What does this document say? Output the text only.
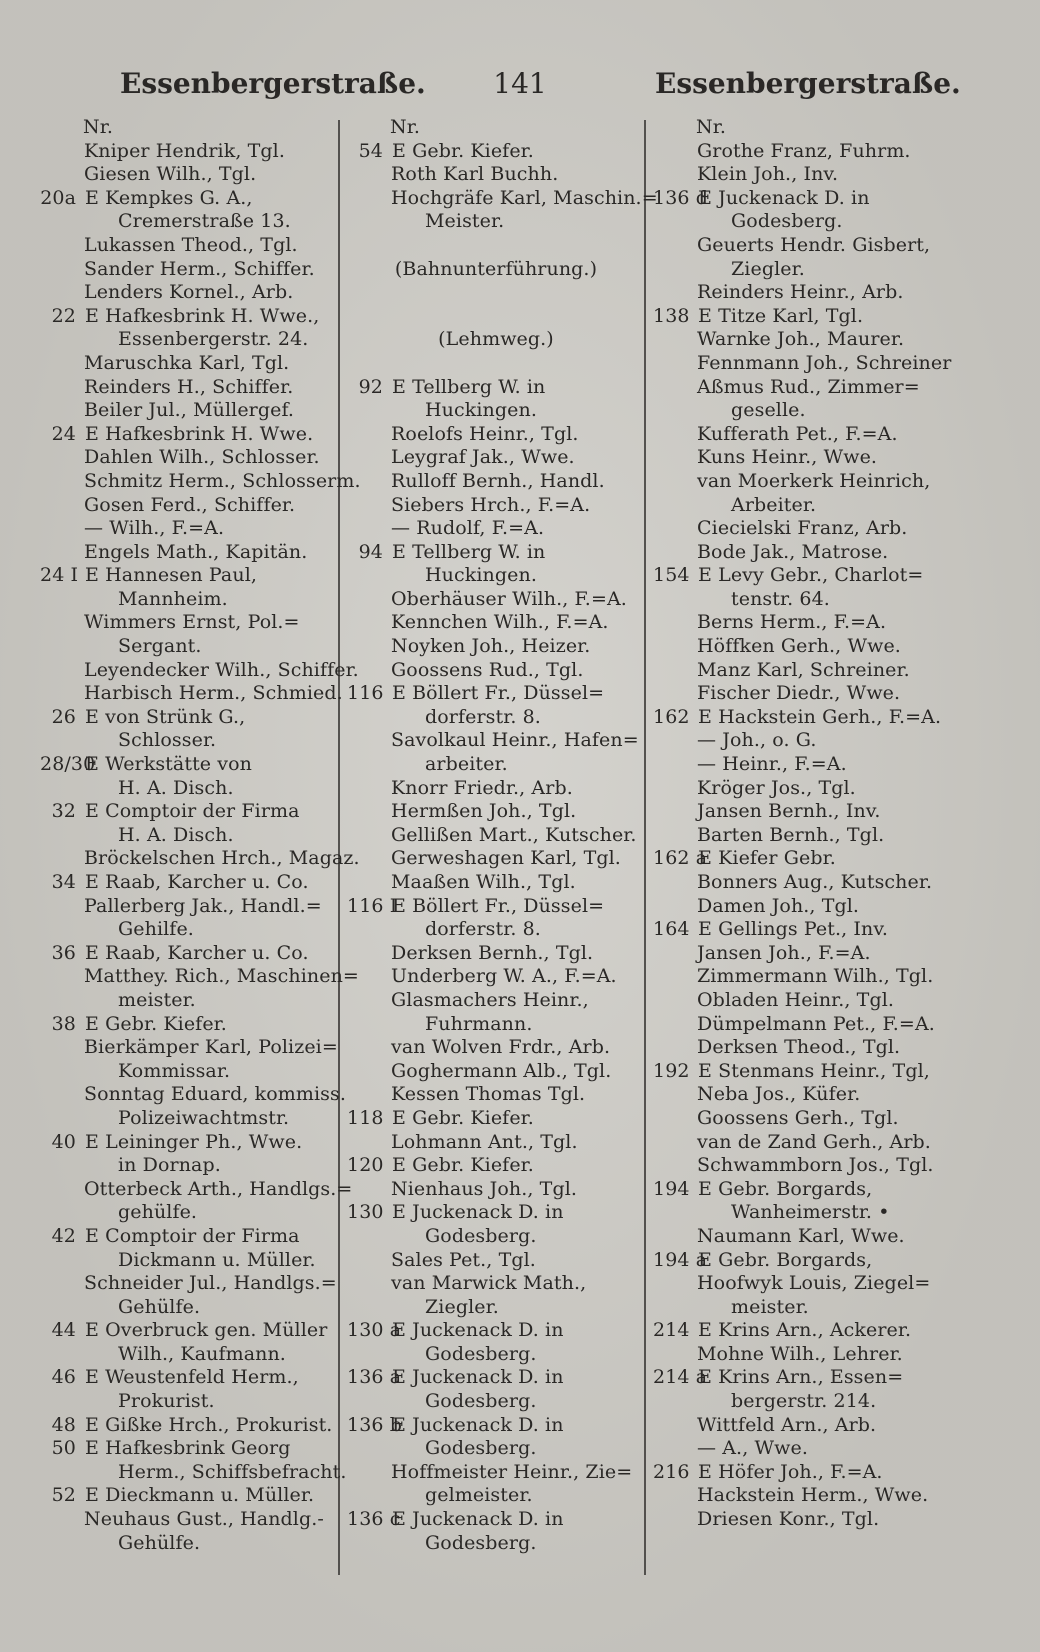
Essenbergerstraße.	141	Essenbergerstraße.
Nr.
Kniper Hendrik, Tgl.
Giesen Wilh., Tgl.
20a E Kempkes G. A.,
Cremerstraße 13.
Lukassen Theod., Tgl.
Sander Herm., Schiffer.
Lenders Kornel., Arb.
22 E Hafkesbrink H. Wwe.,
Essenbergerstr. 24.
Maruschka Karl, Tgl.
Reinders H., Schiffer.
Beiler Jul., Müllergef.
24 E Hafkesbrink H. Wwe.
Dahlen Wilh., Schlosser.
Schmitz Herm., Schlosserm.
Gosen Ferd., Schiffer.
— Wilh., F.=A.
Engels Math., Kapitän.
24 I E Hannesen Paul,
Mannheim.
Wimmers Ernst, Pol.=
Sergant.
Leyendecker Wilh., Schiffer.
Harbisch Herm., Schmied.
26 E von Strünk G.,
Schlosser.
28/30
E Werkstätte von
H. A. Disch.
32 E Comptoir der Firma
H. A. Disch.
Bröckelschen Hrch., Magaz.
34 E Raab, Karcher u. Co.
Pallerberg Jak., Handl.=
Gehilfe.
36 E Raab, Karcher u. Co.
Matthey. Rich., Maschinen=
meister.
38 E Gebr. Kiefer.
Bierkämper Karl, Polizei=
Kommissar.
Sonntag Eduard, kommiss.
Polizeiwachtmstr.
40 E Leininger Ph., Wwe.
in Dornap.
Otterbeck Arth., Handlgs.=
gehülfe.
42 E Comptoir der Firma
Dickmann u. Müller.
Schneider Jul., Handlgs.=
Gehülfe.
44 E Overbruck gen. Müller
Wilh., Kaufmann.
46 E Weustenfeld Herm.,
Prokurist.
48 E Gißke Hrch., Prokurist.
50 E Hafkesbrink Georg
Herm., Schiffsbefracht.
52 E Dieckmann u. Müller.
Neuhaus Gust., Handlg.-
Gehülfe.
Nr.
54 E Gebr. Kiefer.
Roth Karl Buchh.
Hochgräfe Karl, Maschin.=
Meister.
(Bahnunterführung.)
(Lehmweg.)
92 E Tellberg W. in
Huckingen.
Roelofs Heinr., Tgl.
Leygraf Jak., Wwe.
Rulloff Bernh., Handl.
Siebers Hrch., F.=A.
— Rudolf, F.=A.
94 E Tellberg W. in
Huckingen.
Oberhäuser Wilh., F.=A.
Kennchen Wilh., F.=A.
Noyken Joh., Heizer.
Goossens Rud., Tgl.
116 E Böllert Fr., Düssel=
dorferstr. 8.
Savolkaul Heinr., Hafen=
arbeiter.
Knorr Friedr., Arb.
Hermßen Joh., Tgl.
Gellißen Mart., Kutscher.
Gerweshagen Karl, Tgl.
Maaßen Wilh., Tgl.
116 I
E Böllert Fr., Düssel=
dorferstr. 8.
Derksen Bernh., Tgl.
Underberg W. A., F.=A.
Glasmachers Heinr.,
Fuhrmann.
van Wolven Frdr., Arb.
Goghermann Alb., Tgl.
Kessen Thomas Tgl.
118 E Gebr. Kiefer.
Lohmann Ant., Tgl.
120 E Gebr. Kiefer.
Nienhaus Joh., Tgl.
130 E Juckenack D. in
Godesberg.
Sales Pet., Tgl.
van Marwick Math.,
Ziegler.
130 a
E Juckenack D. in
Godesberg.
136 a
E Juckenack D. in
Godesberg.
136 b
E Juckenack D. in
Godesberg.
Hoffmeister Heinr., Zie=
gelmeister.
136 c
E Juckenack D. in
Godesberg.
Nr.
Grothe Franz, Fuhrm.
Klein Joh., Inv.
136 d
E Juckenack D. in
Godesberg.
Geuerts Hendr. Gisbert,
Ziegler.
Reinders Heinr., Arb.
138 E Titze Karl, Tgl.
Warnke Joh., Maurer.
Fennmann Joh., Schreiner
Aßmus Rud., Zimmer=
geselle.
Kufferath Pet., F.=A.
Kuns Heinr., Wwe.
van Moerkerk Heinrich,
Arbeiter.
Ciecielski Franz, Arb.
Bode Jak., Matrose.
154 E Levy Gebr., Charlot=
tenstr. 64.
Berns Herm., F.=A.
Höffken Gerh., Wwe.
Manz Karl, Schreiner.
Fischer Diedr., Wwe.
162 E Hackstein Gerh., F.=A.
— Joh., o. G.
— Heinr., F.=A.
Kröger Jos., Tgl.
Jansen Bernh., Inv.
Barten Bernh., Tgl.
162 a
E Kiefer Gebr.
Bonners Aug., Kutscher.
Damen Joh., Tgl.
164 E Gellings Pet., Inv.
Jansen Joh., F.=A.
Zimmermann Wilh., Tgl.
Obladen Heinr., Tgl.
Dümpelmann Pet., F.=A.
Derksen Theod., Tgl.
192 E Stenmans Heinr., Tgl,
Neba Jos., Küfer.
Goossens Gerh., Tgl.
van de Zand Gerh., Arb.
Schwammborn Jos., Tgl.
194 E Gebr. Borgards,
Wanheimerstr. •
Naumann Karl, Wwe.
194 a
E Gebr. Borgards,
Hoofwyk Louis, Ziegel=
meister.
214 E Krins Arn., Ackerer.
Mohne Wilh., Lehrer.
214 a
E Krins Arn., Essen=
bergerstr. 214.
Wittfeld Arn., Arb.
— A., Wwe.
216 E Höfer Joh., F.=A.
Hackstein Herm., Wwe.
Driesen Konr., Tgl.
